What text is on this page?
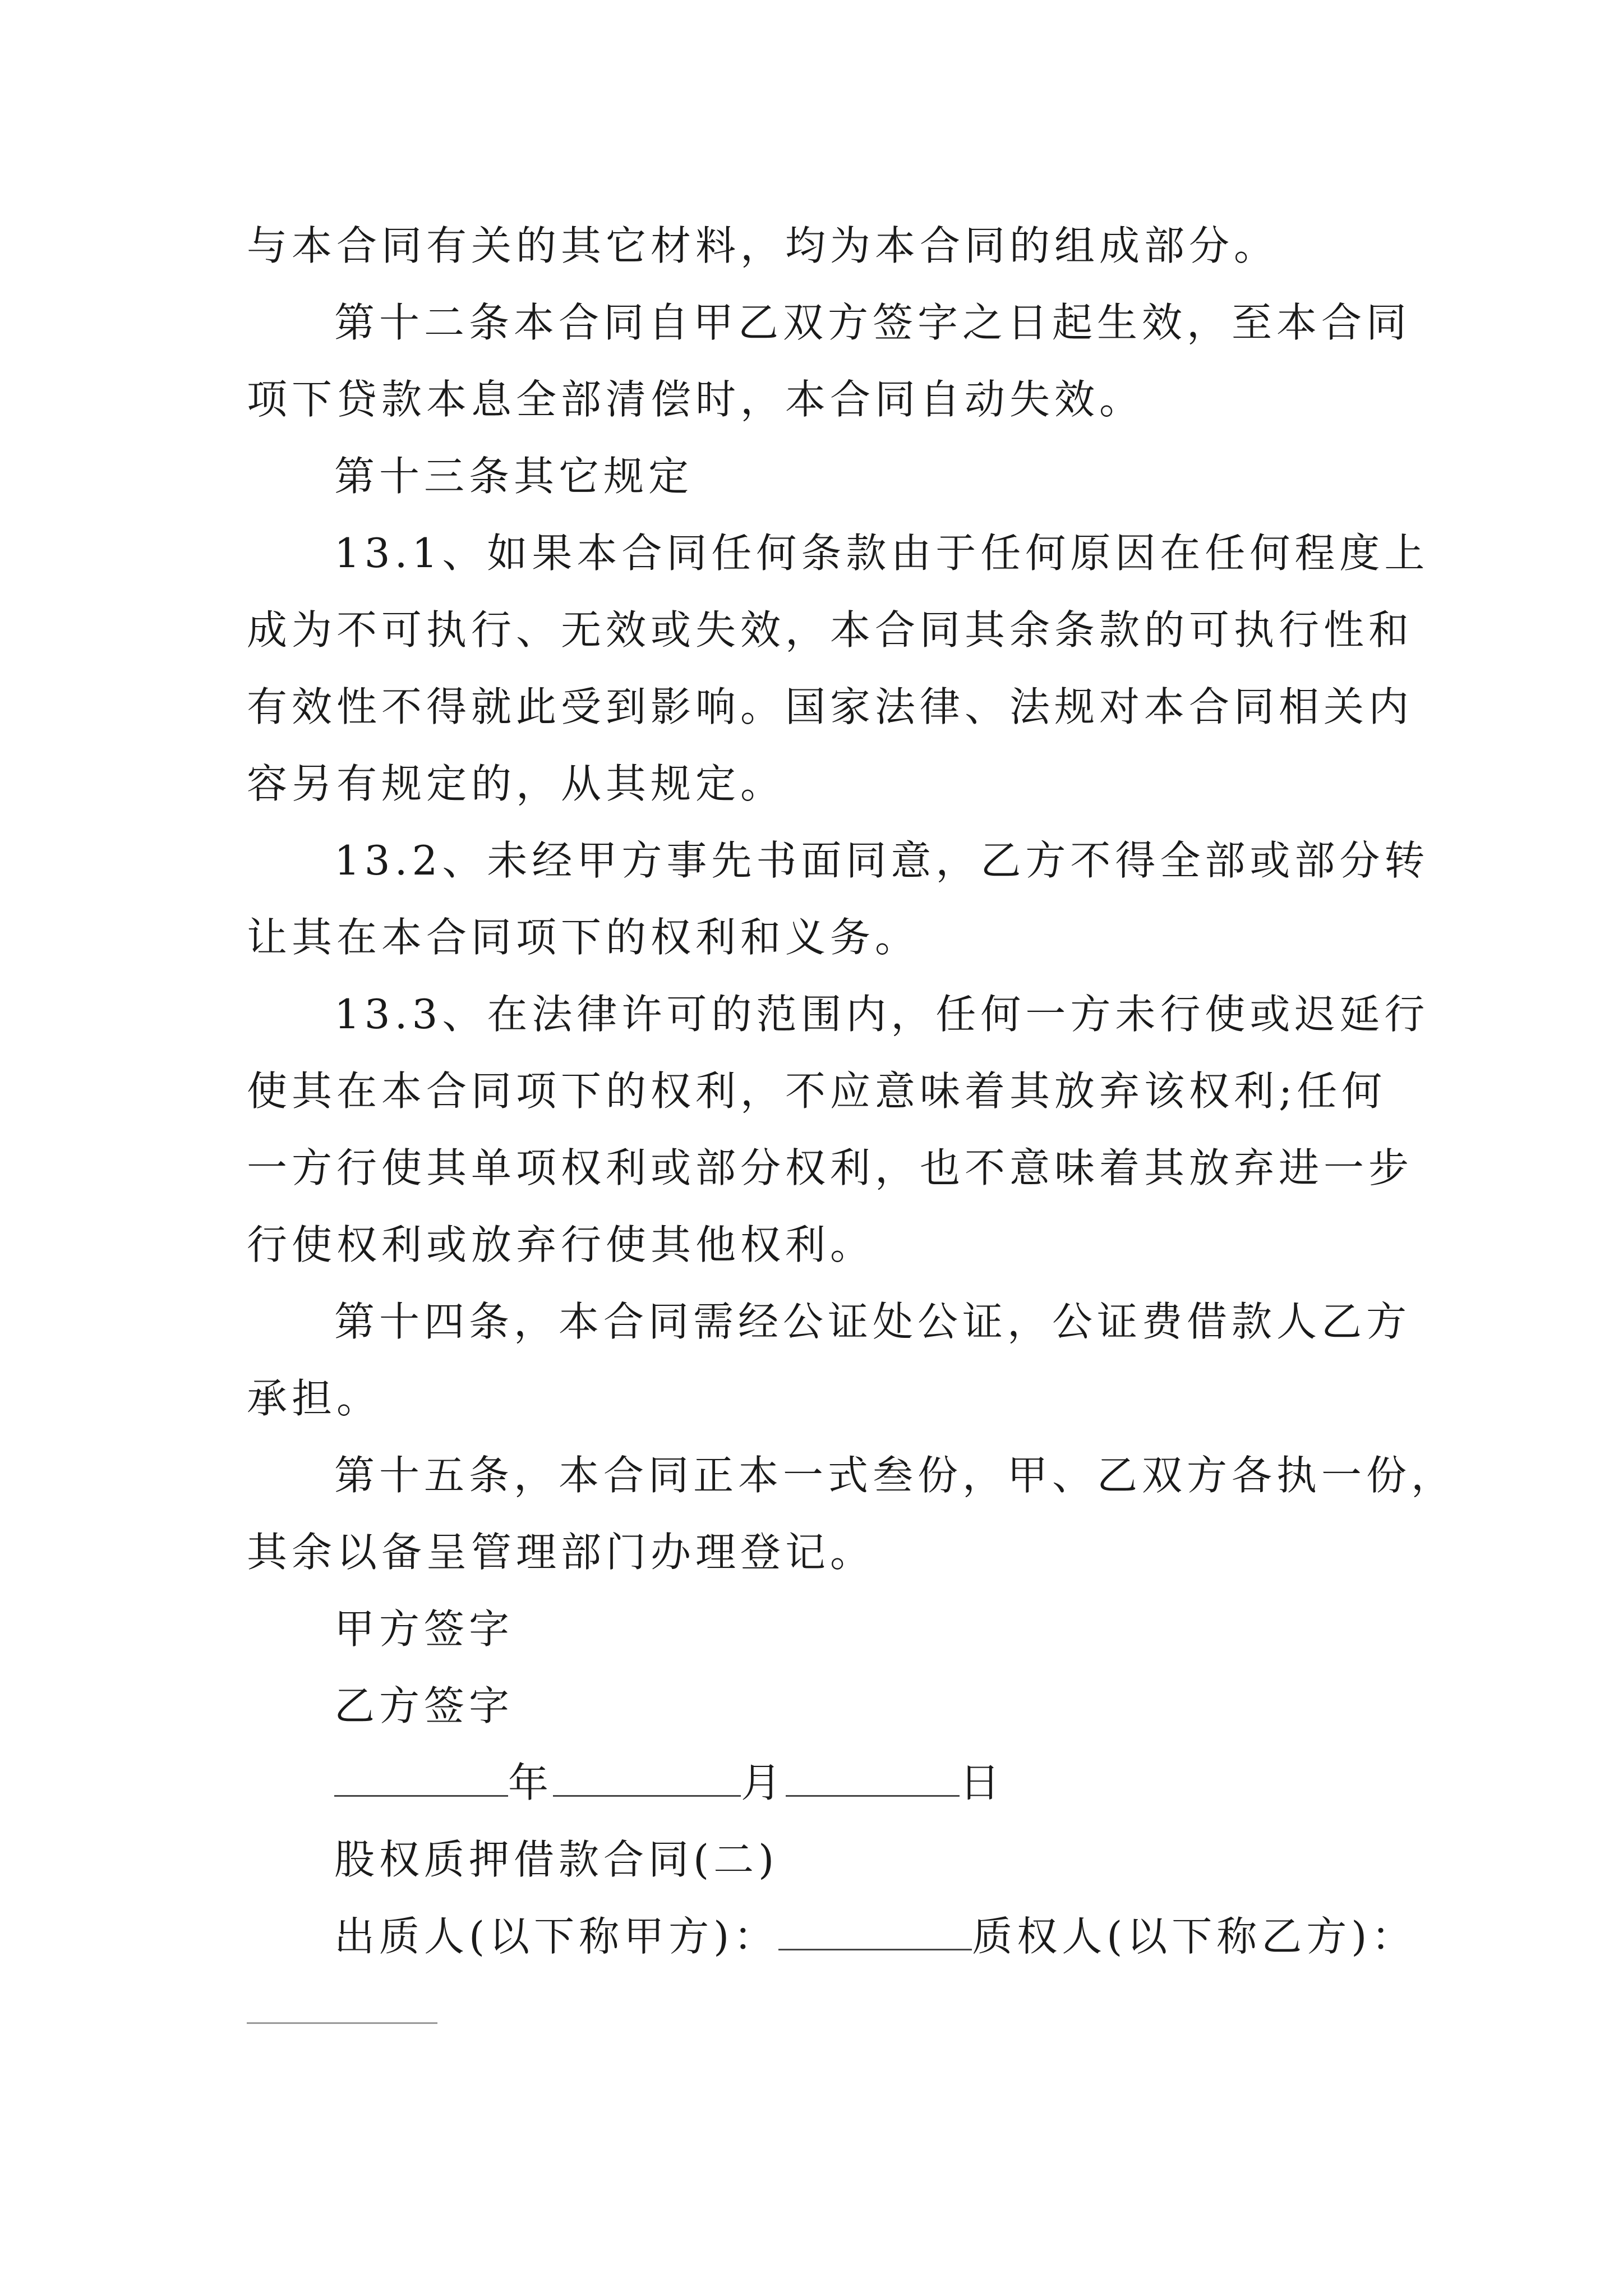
与本合同有关的其它材料，均为本合同的组成部分。
第十二条本合同自甲乙双方签字之日起生效，至本合同
项下贷款本息全部清偿时，本合同自动失效。
第十三条其它规定
13.1、如果本合同任何条款由于任何原因在任何程度上
成为不可执行、无效或失效，本合同其余条款的可执行性和
有效性不得就此受到影响。国家法律、法规对本合同相关内
容另有规定的，从其规定。
13.2、未经甲方事先书面同意，乙方不得全部或部分转
让其在本合同项下的权利和义务。
13.3、在法律许可的范围内，任何一方未行使或迟延行
使其在本合同项下的权利，不应意味着其放弃该权利;任何
一方行使其单项权利或部分权利，也不意味着其放弃进一步
行使权利或放弃行使其他权利。
第十四条，本合同需经公证处公证，公证费借款人乙方
承担。
第十五条，本合同正本一式叁份，甲、乙双方各执一份，
其余以备呈管理部门办理登记。
甲方签字
乙方签字
年	月	日
股权质押借款合同(二)
出质人(以下称甲方)：	质权人(以下称乙方)：
